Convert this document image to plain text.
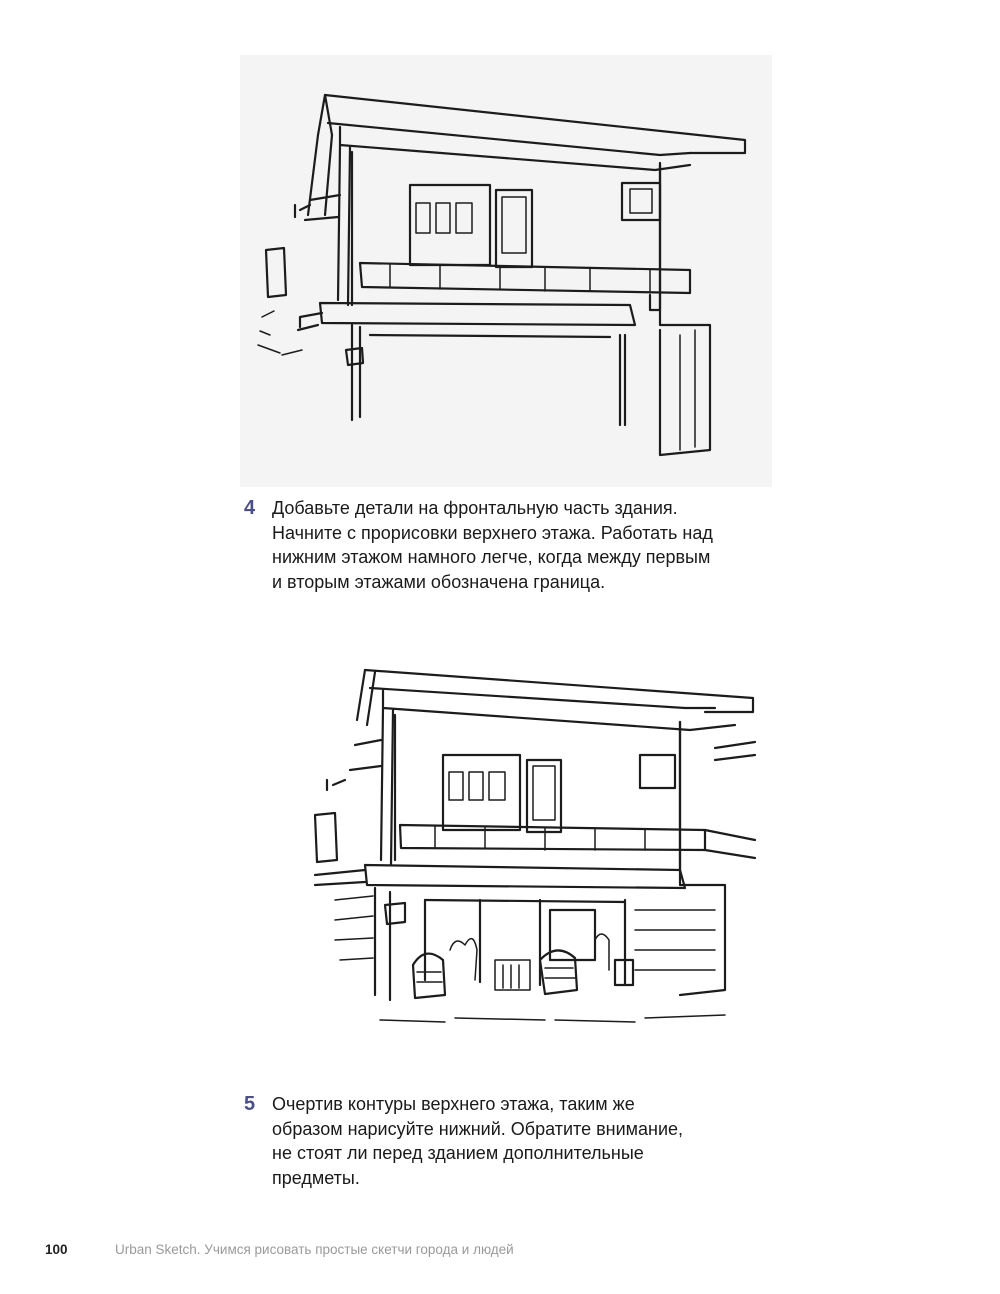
4 Добавьте детали на фронтальную часть здания. Начните с прорисовки верхнего этажа. Работать над нижним этажом намного легче, когда между первым и вторым этажами обозначена граница.

5 Очертив контуры верхнего этажа, таким же образом нарисуйте нижний. Обратите внимание, не стоят ли перед зданием дополнительные предметы.

100	Urban Sketch. Учимся рисовать простые скетчи города и людей
